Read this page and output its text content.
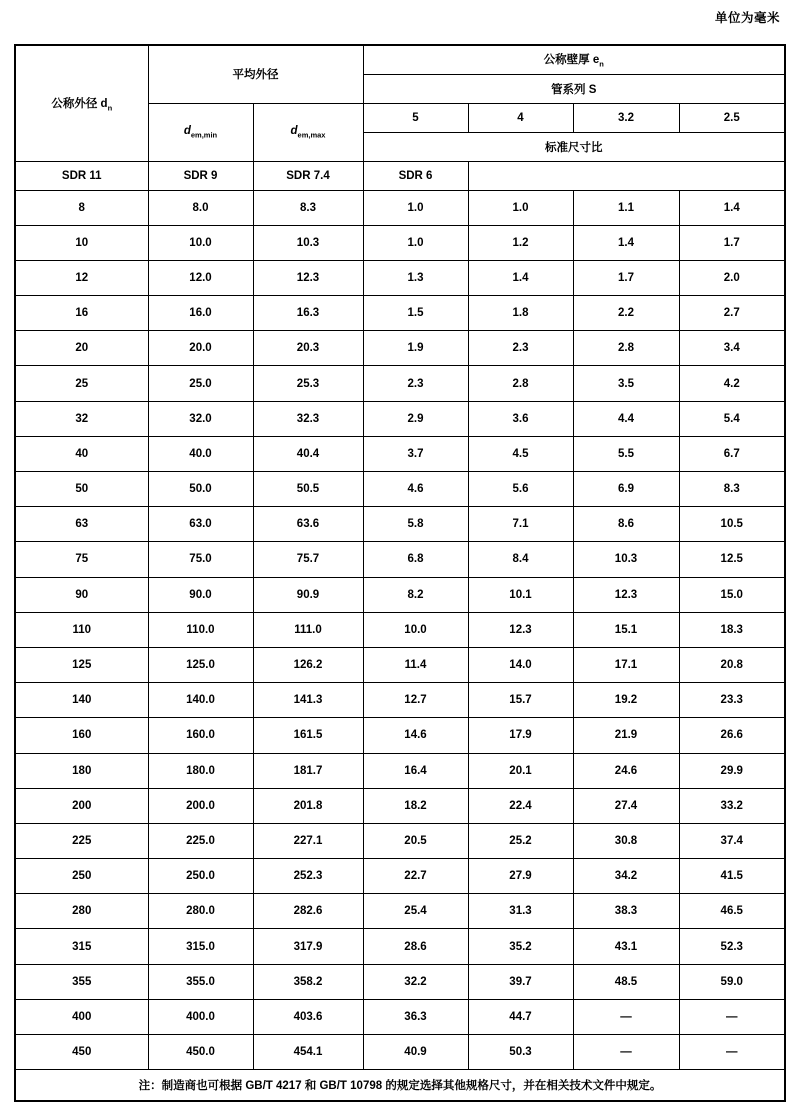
单位为毫米
公称外径 $d_n$	平均外径		公称壁厚 $e_n$
			管系列 S			
	$d_{em,min}$	$d_{em,max}$	5	4	3.2	2.5
			标准尺寸比			
SDR 11	SDR 9	SDR 7.4	SDR 6			
8	8.0	8.3	1.0	1.0	1.1	1.4
10	10.0	10.3	1.0	1.2	1.4	1.7
12	12.0	12.3	1.3	1.4	1.7	2.0
16	16.0	16.3	1.5	1.8	2.2	2.7
20	20.0	20.3	1.9	2.3	2.8	3.4
25	25.0	25.3	2.3	2.8	3.5	4.2
32	32.0	32.3	2.9	3.6	4.4	5.4
40	40.0	40.4	3.7	4.5	5.5	6.7
50	50.0	50.5	4.6	5.6	6.9	8.3
63	63.0	63.6	5.8	7.1	8.6	10.5
75	75.0	75.7	6.8	8.4	10.3	12.5
90	90.0	90.9	8.2	10.1	12.3	15.0
110	110.0	111.0	10.0	12.3	15.1	18.3
125	125.0	126.2	11.4	14.0	17.1	20.8
140	140.0	141.3	12.7	15.7	19.2	23.3
160	160.0	161.5	14.6	17.9	21.9	26.6
180	180.0	181.7	16.4	20.1	24.6	29.9
200	200.0	201.8	18.2	22.4	27.4	33.2
225	225.0	227.1	20.5	25.2	30.8	37.4
250	250.0	252.3	22.7	27.9	34.2	41.5
280	280.0	282.6	25.4	31.3	38.3	46.5
315	315.0	317.9	28.6	35.2	43.1	52.3
355	355.0	358.2	32.2	39.7	48.5	59.0
400	400.0	403.6	36.3	44.7	—	—
450	450.0	454.1	40.9	50.3	—	—
注：制造商也可根据 GB/T 4217 和 GB/T 10798 的规定选择其他规格尺寸，并在相关技术文件中规定。						
